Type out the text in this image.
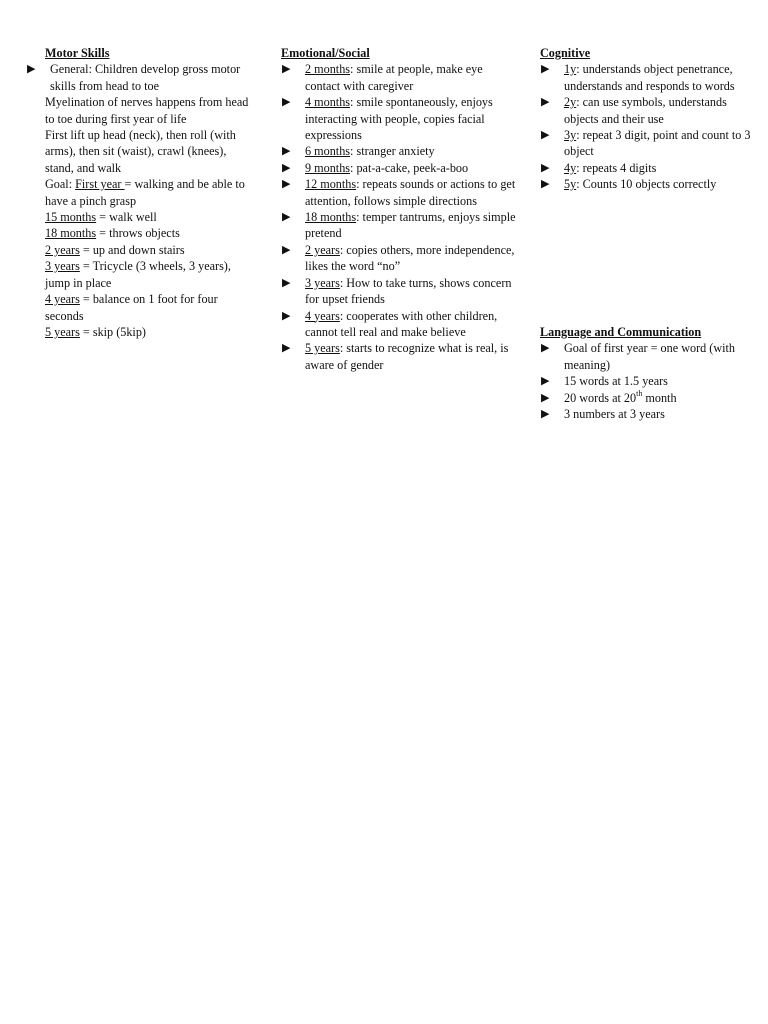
Motor Skills

▶ General: Children develop gross motor skills from head to toe

Myelination of nerves happens from head to toe during first year of life

First lift up head (neck), then roll (with arms), then sit (waist), crawl (knees), stand, and walk

Goal: First year = walking and be able to have a pinch grasp

15 months = walk well

18 months = throws objects

2 years = up and down stairs

3 years = Tricycle (3 wheels, 3 years), jump in place

4 years = balance on 1 foot for four seconds

5 years = skip (5kip)

Emotional/Social

▶ 2 months: smile at people, make eye contact with caregiver
▶ 4 months: smile spontaneously, enjoys interacting with people, copies facial expressions
▶ 6 months: stranger anxiety
▶ 9 months: pat-a-cake, peek-a-boo
▶ 12 months: repeats sounds or actions to get attention, follows simple directions
▶ 18 months: temper tantrums, enjoys simple pretend
▶ 2 years: copies others, more independence, likes the word “no”
▶ 3 years: How to take turns, shows concern for upset friends
▶ 4 years: cooperates with other children, cannot tell real and make believe
▶ 5 years: starts to recognize what is real, is aware of gender

Cognitive

▶ 1y: understands object penetrance, understands and responds to words
▶ 2y: can use symbols, understands objects and their use
▶ 3y: repeat 3 digit, point and count to 3 object
▶ 4y: repeats 4 digits
▶ 5y: Counts 10 objects correctly

Language and Communication

▶ Goal of first year = one word (with meaning)
▶ 15 words at 1.5 years
▶ 20 words at 20th month
▶ 3 numbers at 3 years
